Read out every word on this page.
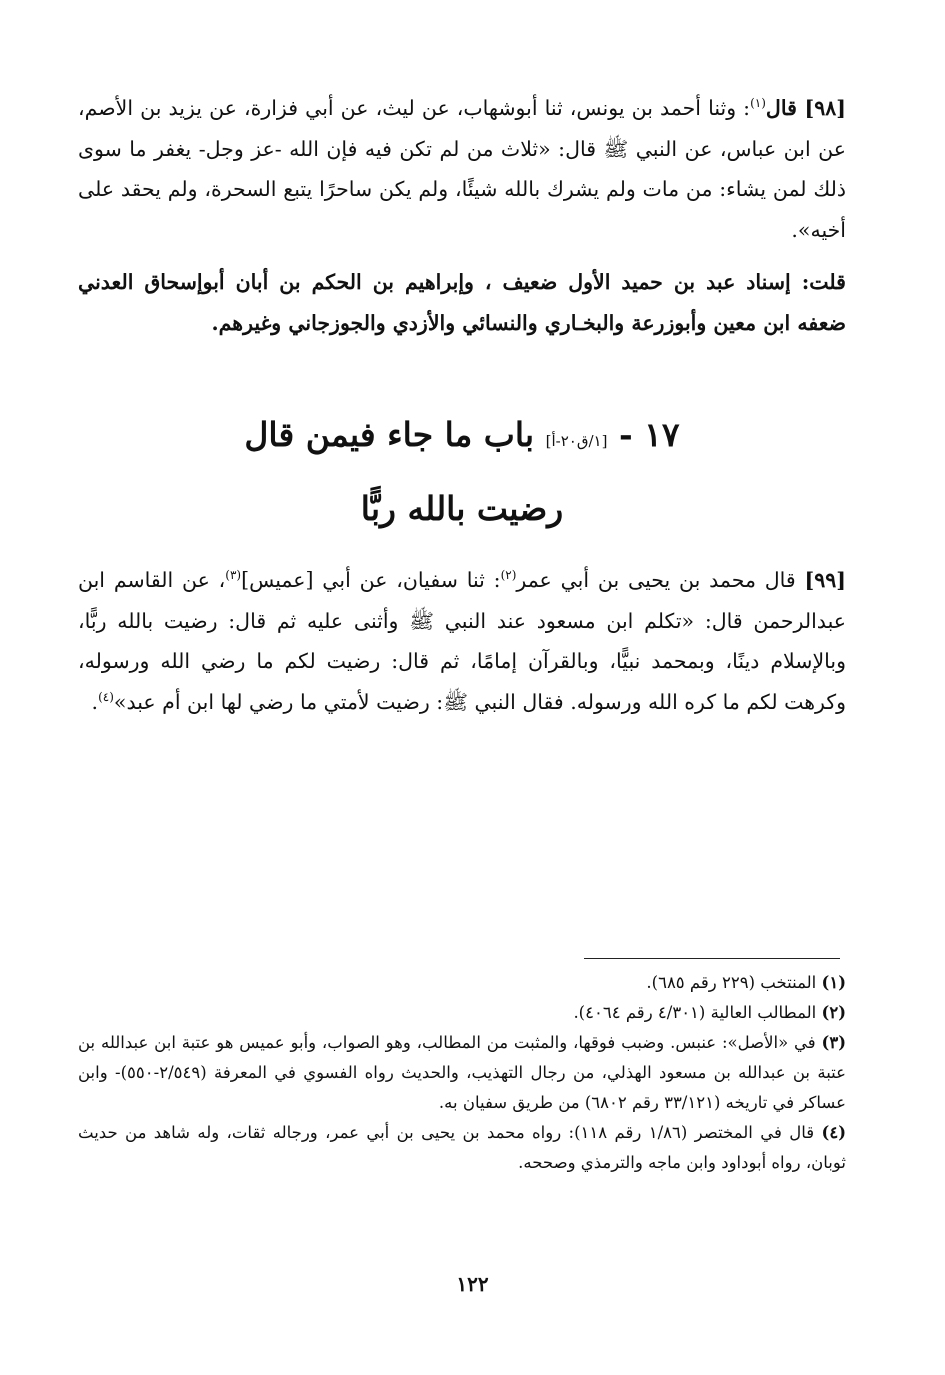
[٩٨] قال$^{(١)}$: وثنا أحمد بن يونس، ثنا أبوشهاب، عن ليث، عن أبي فزارة، عن يزيد بن الأصم، عن ابن عباس، عن النبي ﷺ قال: «ثلاث من لم تكن فيه فإن الله -عز وجل- يغفر ما سوى ذلك لمن يشاء: من مات ولم يشرك بالله شيئًا، ولم يكن ساحرًا يتبع السحرة، ولم يحقد على أخيه».

قلت: إسناد عبد بن حميد الأول ضعيف ، وإبراهيم بن الحكم بن أبان أبوإسحاق العدني ضعفه ابن معين وأبوزرعة والبخـاري والنسائي والأزدي والجوزجاني وغيرهم.

١٧ - [١/ق٢٠-أ] باب ما جاء فيمن قال
رضيت بالله ربًّا

[٩٩] قال محمد بن يحيى بن أبي عمر$^{(٢)}$: ثنا سفيان، عن أبي [عميس]$^{(٣)}$، عن القاسم ابن عبدالرحمن قال: «تكلم ابن مسعود عند النبي ﷺ وأثنى عليه ثم قال: رضيت بالله ربًّا، وبالإسلام دينًا، وبمحمد نبيًّا، وبالقرآن إمامًا، ثم قال: رضيت لكم ما رضي الله ورسوله، وكرهت لكم ما كره الله ورسوله. فقال النبي ﷺ: رضيت لأمتي ما رضي لها ابن أم عبد»$^{(٤)}$.

(١) المنتخب (٢٢٩ رقم ٦٨٥).

(٢) المطالب العالية (٤/٣٠١ رقم ٤٠٦٤).

(٣) في «الأصل»: عنبس. وضبب فوقها، والمثبت من المطالب، وهو الصواب، وأبو عميس هو عتبة ابن عبدالله بن عتبة بن عبدالله بن مسعود الهذلي، من رجال التهذيب، والحديث رواه الفسوي في المعرفة (٢/٥٤٩-٥٥٠)- وابن عساكر في تاريخه (٣٣/١٢١ رقم ٦٨٠٢) من طريق سفيان به.

(٤) قال في المختصر (١/٨٦ رقم ١١٨): رواه محمد بن يحيى بن أبي عمر، ورجاله ثقات، وله شاهد من حديث ثوبان، رواه أبوداود وابن ماجه والترمذي وصححه.

١٢٢
